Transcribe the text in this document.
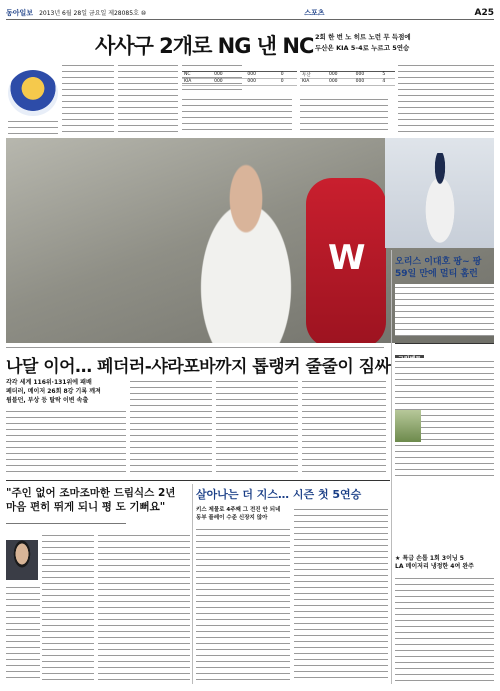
동아일보 2013년 6월 28일 금요일 제28085호 ⑩	스포츠	A25
사사구 2개로 NG 낸 NC 2회 한 번 노 히트 노런 무 득점에
두산은 KIA 5-4로 누르고 5연승

NC	000	000	0
KIA	000	000	0

두산	000	000	5
KIA	000	000	4
W
오리스 이대호 팡~ 팡
59일 만에 멀티 홈런
나달 이어… 페더러-샤라포바까지 톱랭커 줄줄이 짐싸
각각 세계 116위·131위에 패배
페더러, 메이저 26회 8강 기록 깨져
윔블던, 부상 등 탈락 이변 속출
"주인 없어 조마조마한 드림식스 2년
마음 편히 뛰게 되니 평 도 기뻐요"
살아나는 더 지스… 시즌 첫 5연승
키스 제물로 4주째 그 전진 안 되네
동부 플레이 수준 신장지 않아
★ 특급 손톱 1회 3이닝 5
LA 메이저리 냉정한 4여 완주
